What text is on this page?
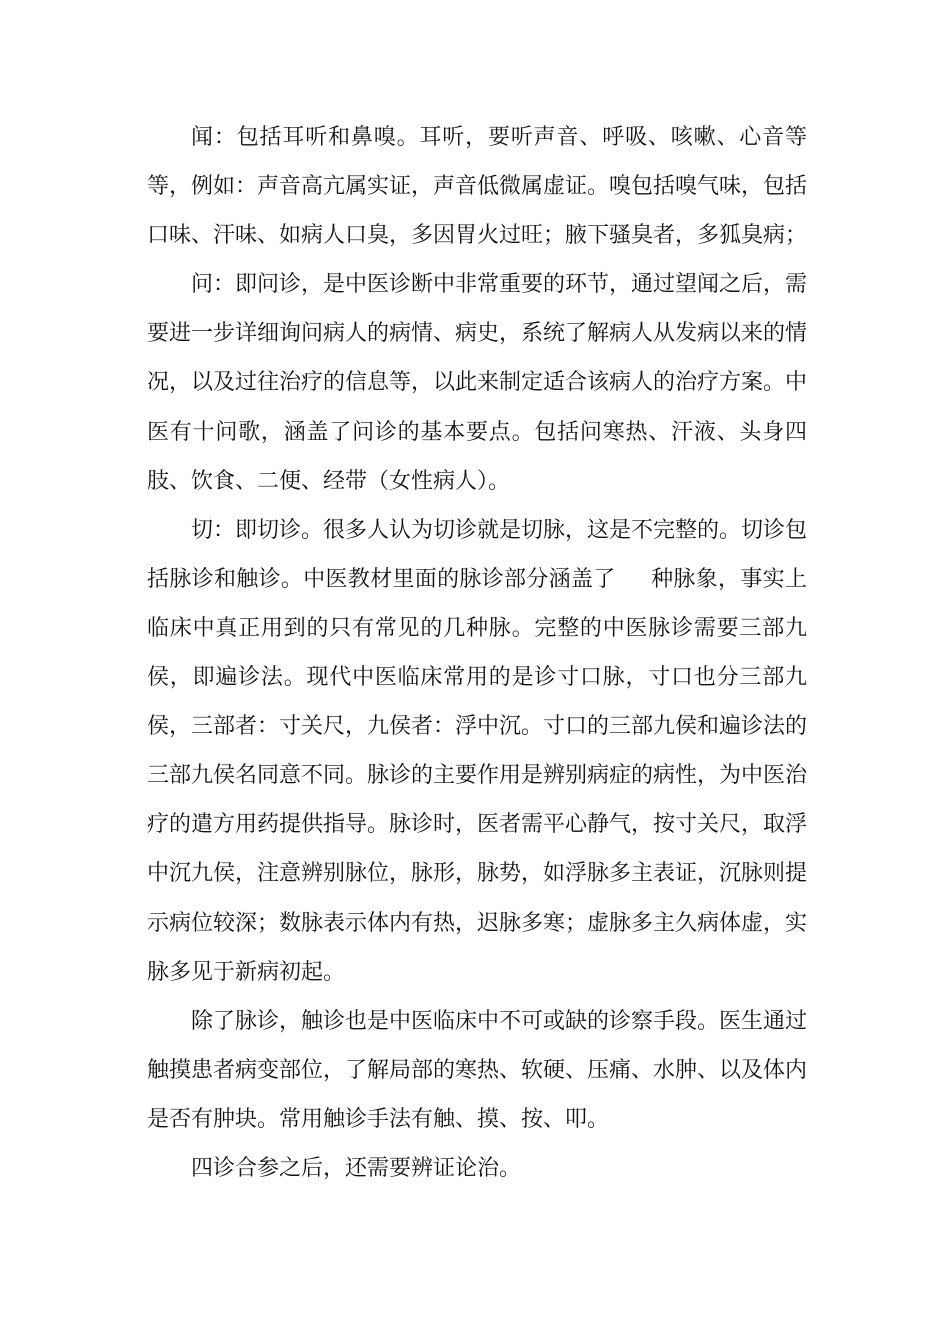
闻：包括耳听和鼻嗅。耳听，要听声音、呼吸、咳嗽、心音等等，例如：声音高亢属实证，声音低微属虚证。嗅包括嗅气味，包括口味、汗味、如病人口臭，多因胃火过旺；腋下骚臭者，多狐臭病；

问：即问诊，是中医诊断中非常重要的环节，通过望闻之后，需要进一步详细询问病人的病情、病史，系统了解病人从发病以来的情况，以及过往治疗的信息等，以此来制定适合该病人的治疗方案。中医有十问歌，涵盖了问诊的基本要点。包括问寒热、汗液、头身四肢、饮食、二便、经带（女性病人）。

切：即切诊。很多人认为切诊就是切脉，这是不完整的。切诊包括脉诊和触诊。中医教材里面的脉诊部分涵盖了 种脉象，事实上临床中真正用到的只有常见的几种脉。完整的中医脉诊需要三部九侯，即遍诊法。现代中医临床常用的是诊寸口脉，寸口也分三部九侯，三部者：寸关尺，九侯者：浮中沉。寸口的三部九侯和遍诊法的三部九侯名同意不同。脉诊的主要作用是辨别病症的病性，为中医治疗的遣方用药提供指导。脉诊时，医者需平心静气，按寸关尺，取浮中沉九侯，注意辨别脉位，脉形，脉势，如浮脉多主表证，沉脉则提示病位较深；数脉表示体内有热，迟脉多寒；虚脉多主久病体虚，实脉多见于新病初起。

除了脉诊，触诊也是中医临床中不可或缺的诊察手段。医生通过触摸患者病变部位，了解局部的寒热、软硬、压痛、水肿、以及体内是否有肿块。常用触诊手法有触、摸、按、叩。

四诊合参之后，还需要辨证论治。
